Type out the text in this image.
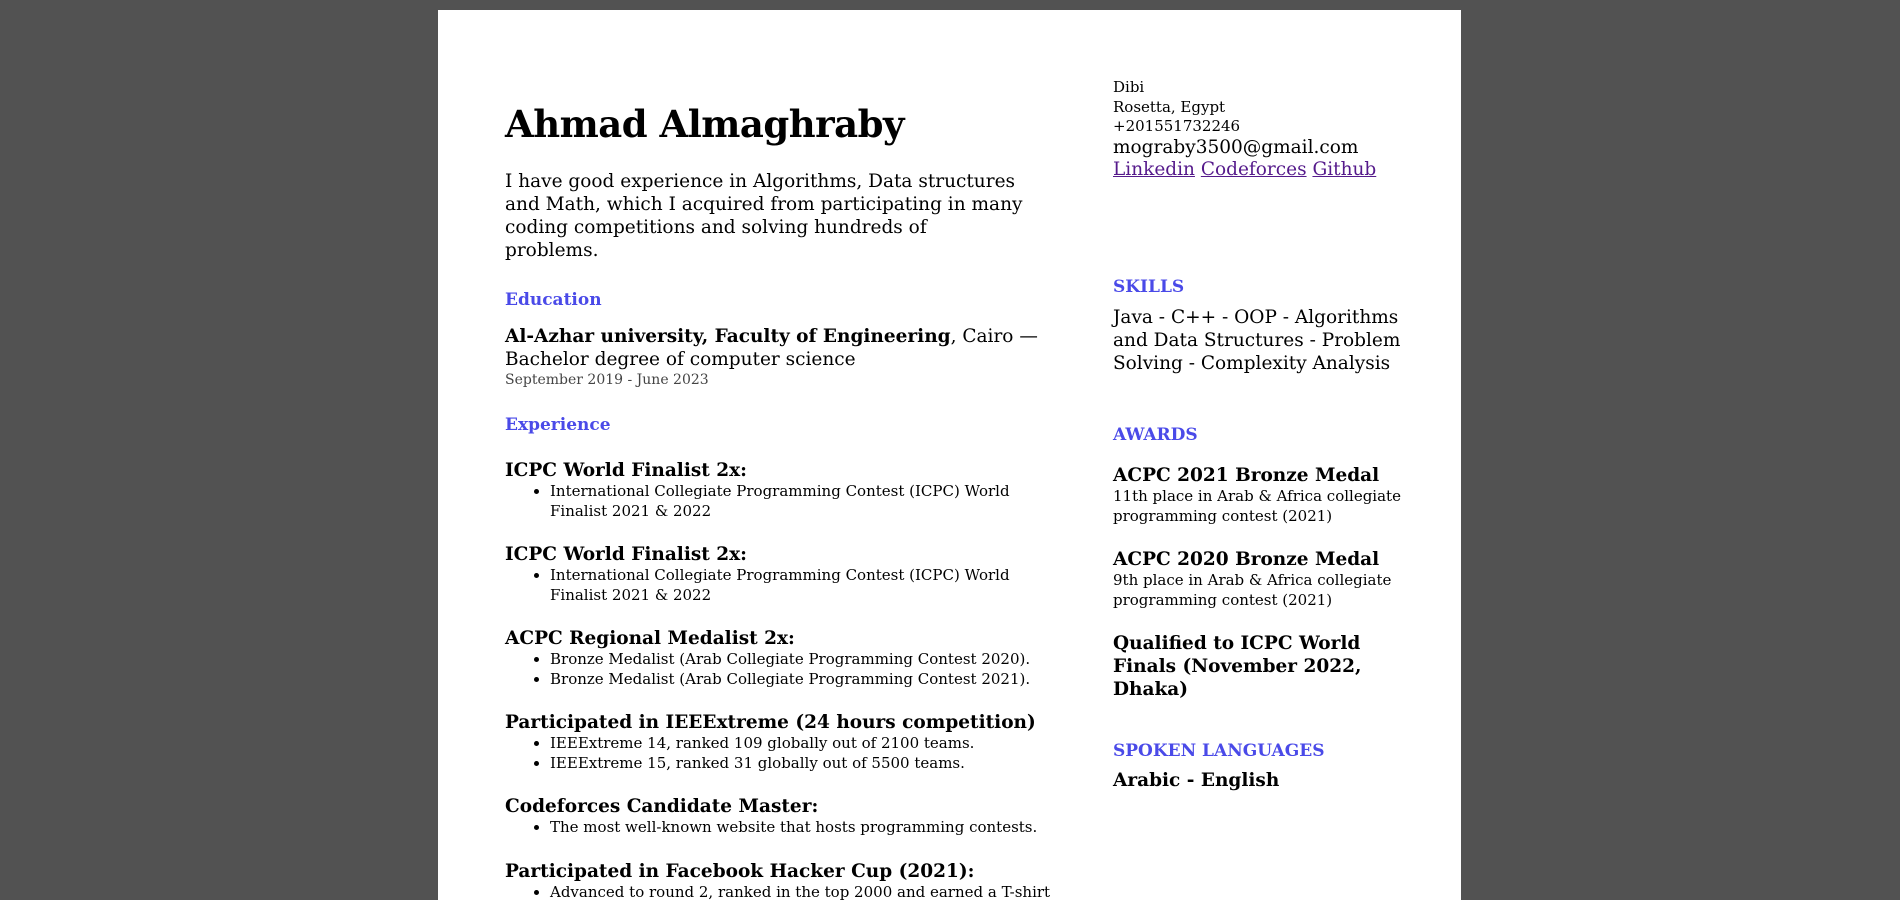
Ahmad Almaghraby

I have good experience in Algorithms, Data structures and Math, which I acquired from participating in many coding competitions and solving hundreds of problems.

Education

Al-Azhar university, Faculty of Engineering, Cairo — Bachelor degree of computer science

September 2019 - June 2023

Experience

ICPC World Finalist 2x:

• International Collegiate Programming Contest (ICPC) World Finalist 2021 & 2022

ICPC World Finalist 2x:

• International Collegiate Programming Contest (ICPC) World Finalist 2021 & 2022

ACPC Regional Medalist 2x:

• Bronze Medalist (Arab Collegiate Programming Contest 2020).
• Bronze Medalist (Arab Collegiate Programming Contest 2021).

Participated in IEEExtreme (24 hours competition)

• IEEExtreme 14, ranked 109 globally out of 2100 teams.
• IEEExtreme 15, ranked 31 globally out of 5500 teams.

Codeforces Candidate Master:

• The most well-known website that hosts programming contests.

Participated in Facebook Hacker Cup (2021):

• Advanced to round 2, ranked in the top 2000 and earned a T-shirt

Dibi

Rosetta, Egypt

+201551732246

mograby3500@gmail.com

Linkedin Codeforces Github

SKILLS

Java - C++ - OOP - Algorithms and Data Structures - Problem Solving - Complexity Analysis

AWARDS

ACPC 2021 Bronze Medal

11th place in Arab & Africa collegiate programming contest (2021)

ACPC 2020 Bronze Medal

9th place in Arab & Africa collegiate programming contest (2021)

Qualified to ICPC World Finals (November 2022, Dhaka)

SPOKEN LANGUAGES

Arabic - English
